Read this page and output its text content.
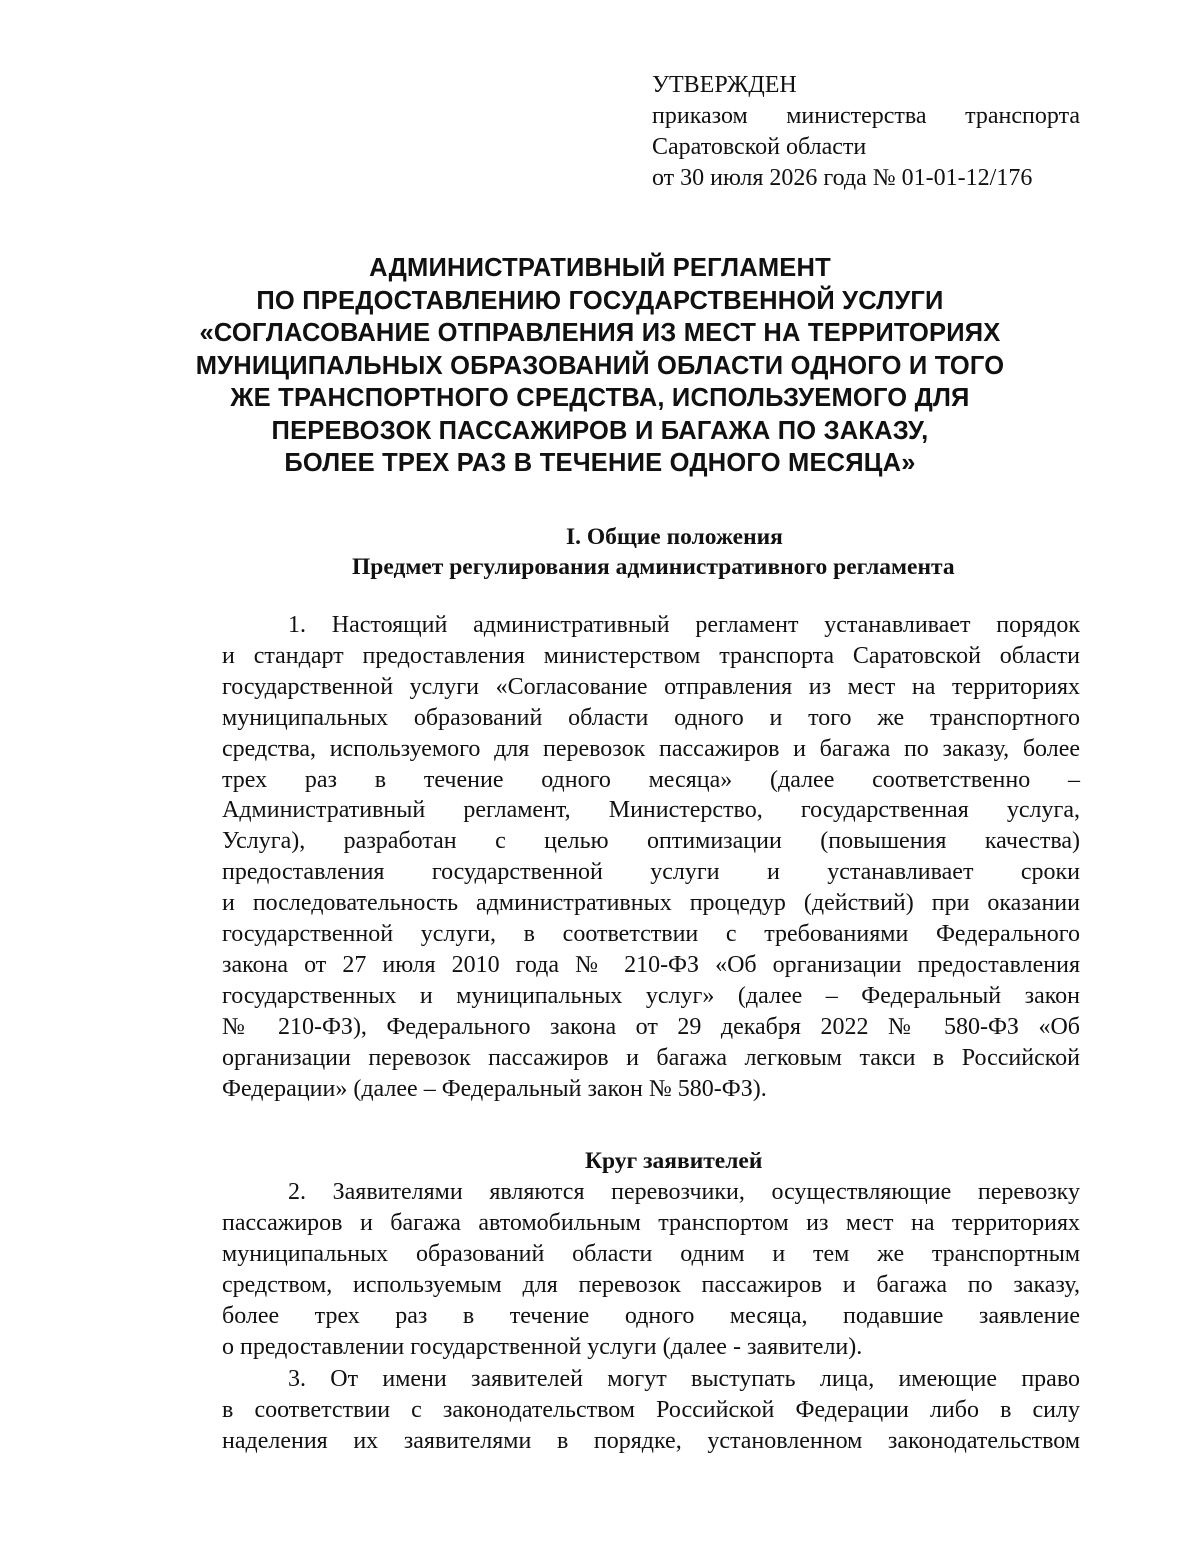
УТВЕРЖДЕН
приказом министерства транспорта
Саратовской области
от 30 июля 2026 года № 01-01-12/176
АДМИНИСТРАТИВНЫЙ РЕГЛАМЕНТ
ПО ПРЕДОСТАВЛЕНИЮ ГОСУДАРСТВЕННОЙ УСЛУГИ
«СОГЛАСОВАНИЕ ОТПРАВЛЕНИЯ ИЗ МЕСТ НА ТЕРРИТОРИЯХ
МУНИЦИПАЛЬНЫХ ОБРАЗОВАНИЙ ОБЛАСТИ ОДНОГО И ТОГО
ЖЕ ТРАНСПОРТНОГО СРЕДСТВА, ИСПОЛЬЗУЕМОГО ДЛЯ
ПЕРЕВОЗОК ПАССАЖИРОВ И БАГАЖА ПО ЗАКАЗУ,
БОЛЕЕ ТРЕХ РАЗ В ТЕЧЕНИЕ ОДНОГО МЕСЯЦА»
I. Общие положения
Предмет регулирования административного регламента
1. Настоящий административный регламент устанавливает порядок
и стандарт предоставления министерством транспорта Саратовской области
государственной услуги «Согласование отправления из мест на территориях
муниципальных образований области одного и того же транспортного
средства, используемого для перевозок пассажиров и багажа по заказу, более
трех раз в течение одного месяца» (далее соответственно –
Административный регламент, Министерство, государственная услуга,
Услуга), разработан с целью оптимизации (повышения качества)
предоставления государственной услуги и устанавливает сроки
и последовательность административных процедур (действий) при оказании
государственной услуги, в соответствии с требованиями Федерального
закона от 27 июля 2010 года № 210-ФЗ «Об организации предоставления
государственных и муниципальных услуг» (далее – Федеральный закон
№ 210-ФЗ), Федерального закона от 29 декабря 2022 № 580-ФЗ «Об
организации перевозок пассажиров и багажа легковым такси в Российской
Федерации» (далее – Федеральный закон № 580-ФЗ).
Круг заявителей
2. Заявителями являются перевозчики, осуществляющие перевозку
пассажиров и багажа автомобильным транспортом из мест на территориях
муниципальных образований области одним и тем же транспортным
средством, используемым для перевозок пассажиров и багажа по заказу,
более трех раз в течение одного месяца, подавшие заявление
о предоставлении государственной услуги (далее - заявители).
3. От имени заявителей могут выступать лица, имеющие право
в соответствии с законодательством Российской Федерации либо в силу
наделения их заявителями в порядке, установленном законодательством
